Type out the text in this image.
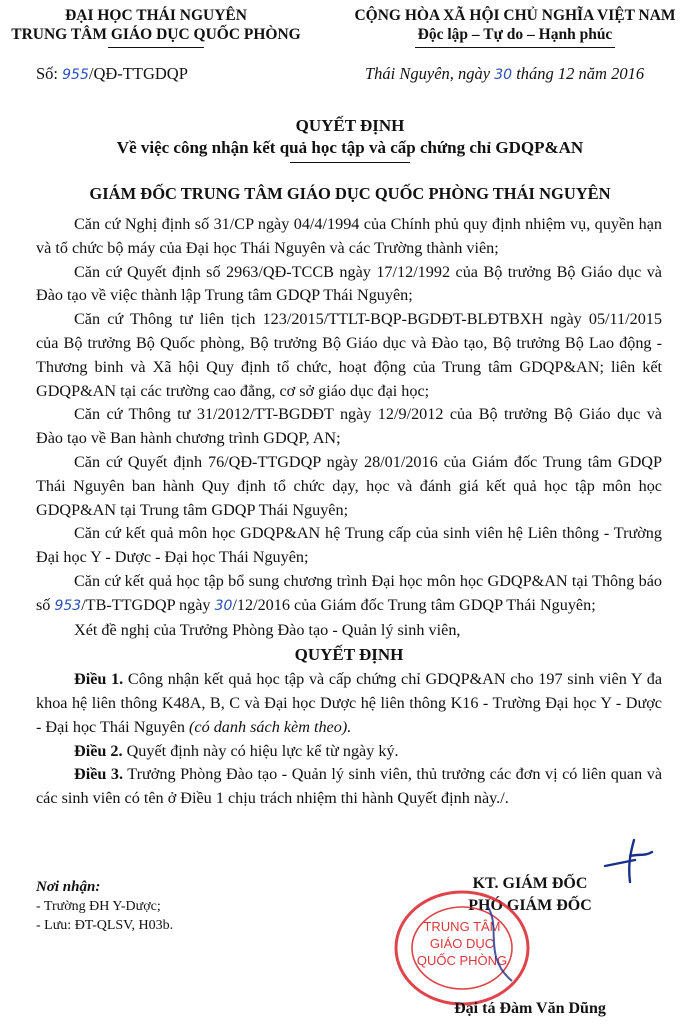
ĐẠI HỌC THÁI NGUYÊN
TRUNG TÂM GIÁO DỤC QUỐC PHÒNG
CỘNG HÒA XÃ HỘI CHỦ NGHĨA VIỆT NAM
Độc lập – Tự do – Hạnh phúc
Số: 955/QĐ-TTGDQP	Thái Nguyên, ngày 30 tháng 12 năm 2016
QUYẾT ĐỊNH
Về việc công nhận kết quả học tập và cấp chứng chỉ GDQP&AN
GIÁM ĐỐC TRUNG TÂM GIÁO DỤC QUỐC PHÒNG THÁI NGUYÊN

Căn cứ Nghị định số 31/CP ngày 04/4/1994 của Chính phủ quy định nhiệm vụ, quyền hạn và tổ chức bộ máy của Đại học Thái Nguyên và các Trường thành viên;

Căn cứ Quyết định số 2963/QĐ-TCCB ngày 17/12/1992 của Bộ trưởng Bộ Giáo dục và Đào tạo về việc thành lập Trung tâm GDQP Thái Nguyên;

Căn cứ Thông tư liên tịch 123/2015/TTLT-BQP-BGDĐT-BLĐTBXH ngày 05/11/2015 của Bộ trưởng Bộ Quốc phòng, Bộ trưởng Bộ Giáo dục và Đào tạo, Bộ trưởng Bộ Lao động - Thương binh và Xã hội Quy định tổ chức, hoạt động của Trung tâm GDQP&AN; liên kết GDQP&AN tại các trường cao đẳng, cơ sở giáo dục đại học;

Căn cứ Thông tư 31/2012/TT-BGDĐT ngày 12/9/2012 của Bộ trưởng Bộ Giáo dục và Đào tạo về Ban hành chương trình GDQP, AN;

Căn cứ Quyết định 76/QĐ-TTGDQP ngày 28/01/2016 của Giám đốc Trung tâm GDQP Thái Nguyên ban hành Quy định tổ chức dạy, học và đánh giá kết quả học tập môn học GDQP&AN tại Trung tâm GDQP Thái Nguyên;

Căn cứ kết quả môn học GDQP&AN hệ Trung cấp của sinh viên hệ Liên thông - Trường Đại học Y - Dược - Đại học Thái Nguyên;

Căn cứ kết quả học tập bổ sung chương trình Đại học môn học GDQP&AN tại Thông báo số 953/TB-TTGDQP ngày 30/12/2016 của Giám đốc Trung tâm GDQP Thái Nguyên;

Xét đề nghị của Trưởng Phòng Đào tạo - Quản lý sinh viên,

QUYẾT ĐỊNH

Điều 1. Công nhận kết quả học tập và cấp chứng chỉ GDQP&AN cho 197 sinh viên Y đa khoa hệ liên thông K48A, B, C và Đại học Dược hệ liên thông K16 - Trường Đại học Y - Dược - Đại học Thái Nguyên (có danh sách kèm theo).

Điều 2. Quyết định này có hiệu lực kể từ ngày ký.

Điều 3. Trưởng Phòng Đào tạo - Quản lý sinh viên, thủ trưởng các đơn vị có liên quan và các sinh viên có tên ở Điều 1 chịu trách nhiệm thi hành Quyết định này./.

Nơi nhận:
- Trường ĐH Y-Dược;
- Lưu: ĐT-QLSV, H03b.
KT. GIÁM ĐỐC
PHÓ GIÁM ĐỐC
TRUNG TÂM
GIÁO DỤC
QUỐC PHÒNG
Đại tá Đàm Văn Dũng
